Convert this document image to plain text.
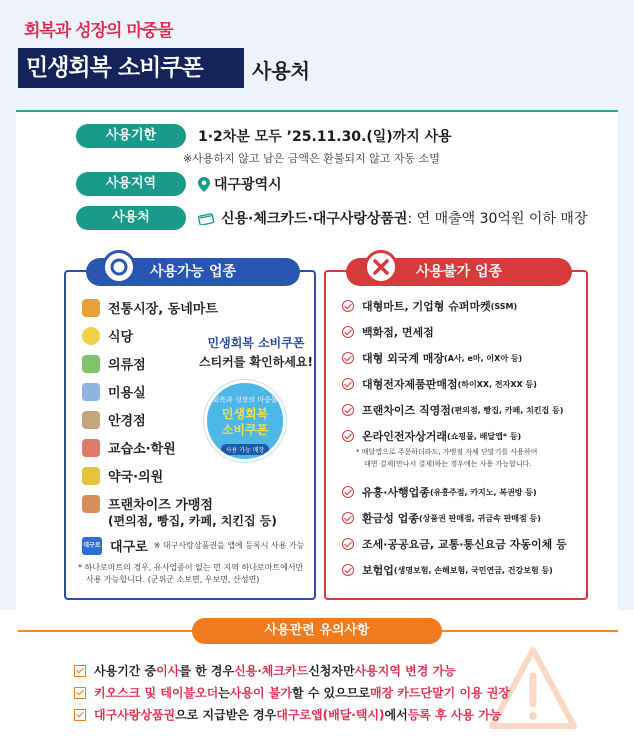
회복과 성장의 마중물
민생회복 소비쿠폰	사용처
사용기한	1·2차분 모두 ’25.11.30.(일)까지 사용
※사용하지 않고 남은 금액은 환불되지 않고 자동 소멸
사용지역	대구광역시
사용처	신용·체크카드·대구사랑상품권 : 연 매출액 30억원 이하 매장
사용가능 업종
전통시장, 동네마트
식당
의류점
미용실
안경점
교습소·학원
약국·의원
프랜차이즈 가맹점
(편의점, 빵집, 카페, 치킨집 등)
대구로 대구로 ※ 대구사랑상품권을 앱에 등록시 사용 가능
* 하나로마트의 경우, 유사업종이 없는 면 지역 하나로마트에서만
사용 가능합니다. (군위군 소보면, 우보면, 산성면)
민생회복 소비쿠폰
스티커를 확인하세요!
회복과 성장의 마중물
민생회복
소비쿠폰
사용 가능 매장
사용불가 업종
대형마트, 기업형 슈퍼마켓 (SSM)
백화점, 면세점
대형 외국계 매장 (A사, e마, 이X아 등)
대형전자제품판매점 (하이XX, 전자XX 등)
프랜차이즈 직영점 (편의점, 빵집, 카페, 치킨집 등)
온라인전자상거래 (쇼핑몰, 배달앱* 등)
* 배달앱으로 주문하더라도, 가맹점 자체 단말기를 사용하여
대면 결제(만나서 결제)하는 경우에는 사용 가능합니다.
유흥·사행업종 (유흥주점, 카지노, 복권방 등)
환금성 업종 (상품권 판매점, 귀금속 판매점 등)
조세·공공요금, 교통·통신요금 자동이체 등
보험업 (생명보험, 손해보험, 국민연금, 건강보험 등)
사용관련 유의사항
사용기간 중 이사 를 한 경우 신용·체크카드 신청자만 사용지역 변경 가능
키오스크 및 테이블오더 는 사용이 불가 할 수 있으므로 매장 카드단말기 이용 권장
대구사랑상품권 으로 지급받은 경우 대구로앱(배달·택시) 에서 등록 후 사용 가능
